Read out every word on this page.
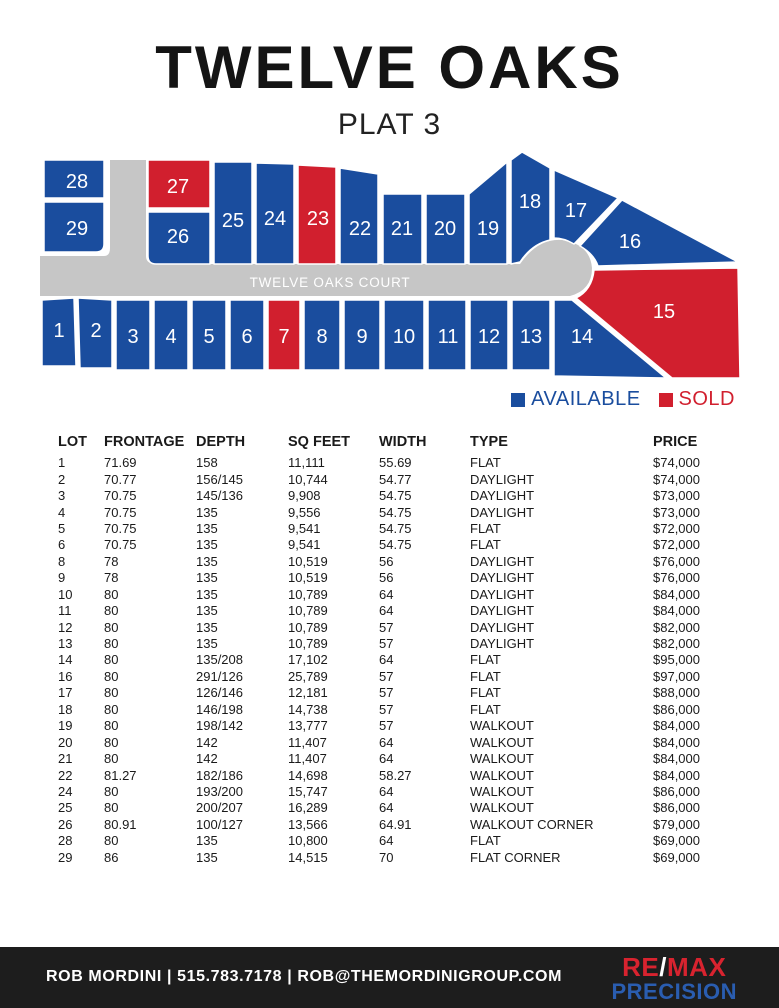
TWELVE OAKS
PLAT 3
TWELVE OAKS COURT
28
29
27
26
25 24 23 22 21 20 19
18 17
16
15
1 2 3 4 5 6 7 8 9 10 11 12 13 14
AVAILABLE SOLD
LOT	FRONTAGE	DEPTH	SQ FEET	WIDTH	TYPE	PRICE
1	71.69	158	11,111	55.69	FLAT	$74,000
2	70.77	156/145	10,744	54.77	DAYLIGHT	$74,000
3	70.75	145/136	9,908	54.75	DAYLIGHT	$73,000
4	70.75	135	9,556	54.75	DAYLIGHT	$73,000
5	70.75	135	9,541	54.75	FLAT	$72,000
6	70.75	135	9,541	54.75	FLAT	$72,000
8	78	135	10,519	56	DAYLIGHT	$76,000
9	78	135	10,519	56	DAYLIGHT	$76,000
10	80	135	10,789	64	DAYLIGHT	$84,000
11	80	135	10,789	64	DAYLIGHT	$84,000
12	80	135	10,789	57	DAYLIGHT	$82,000
13	80	135	10,789	57	DAYLIGHT	$82,000
14	80	135/208	17,102	64	FLAT	$95,000
16	80	291/126	25,789	57	FLAT	$97,000
17	80	126/146	12,181	57	FLAT	$88,000
18	80	146/198	14,738	57	FLAT	$86,000
19	80	198/142	13,777	57	WALKOUT	$84,000
20	80	142	11,407	64	WALKOUT	$84,000
21	80	142	11,407	64	WALKOUT	$84,000
22	81.27	182/186	14,698	58.27	WALKOUT	$84,000
24	80	193/200	15,747	64	WALKOUT	$86,000
25	80	200/207	16,289	64	WALKOUT	$86,000
26	80.91	100/127	13,566	64.91	WALKOUT CORNER	$79,000
28	80	135	10,800	64	FLAT	$69,000
29	86	135	14,515	70	FLAT CORNER	$69,000
ROB MORDINI | 515.783.7178 | ROB@THEMORDINIGROUP.COM	RE/MAX
PRECISION
